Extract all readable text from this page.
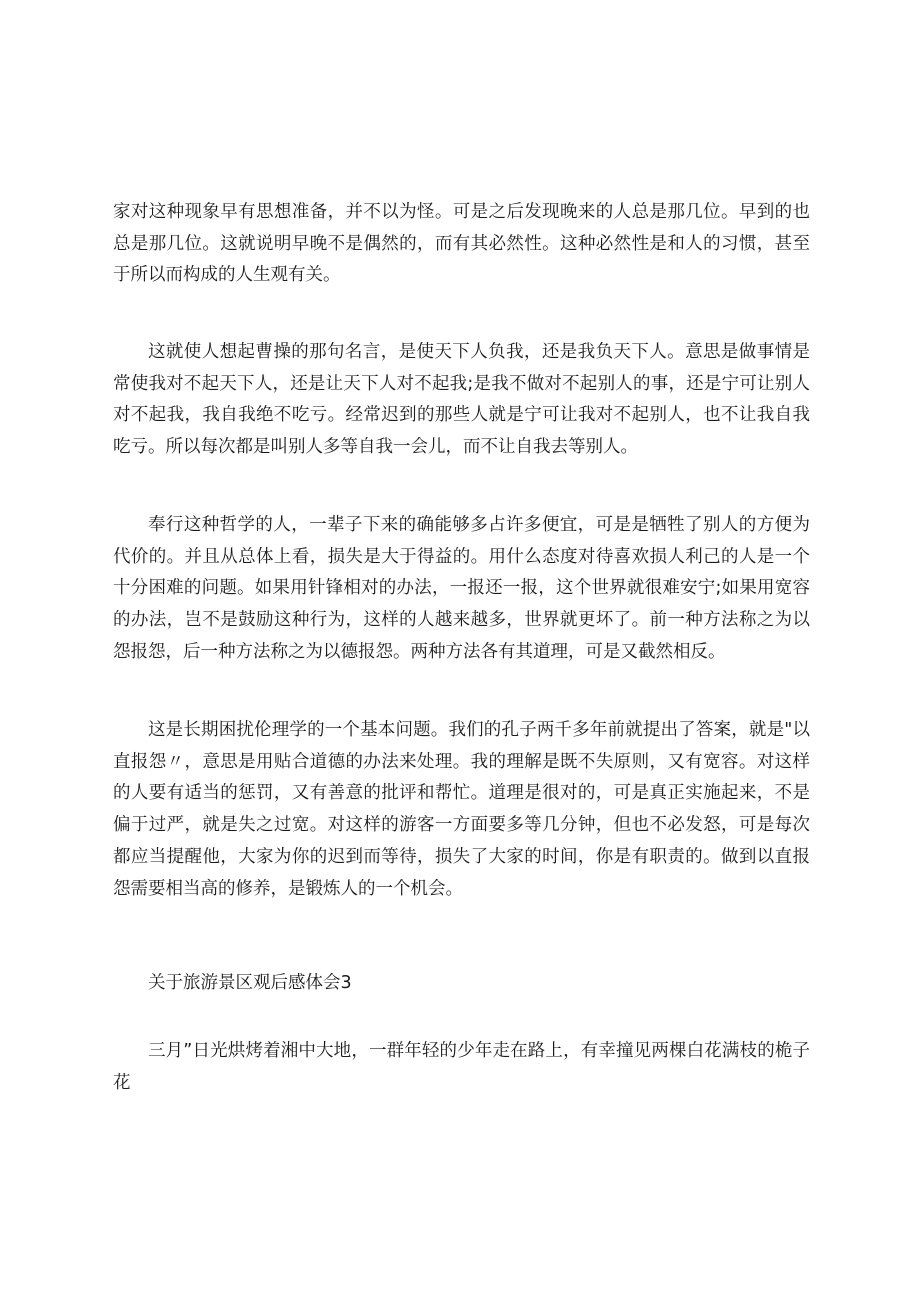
家对这种现象早有思想准备，并不以为怪。可是之后发现晚来的人总是那几位。早到的也总是那几位。这就说明早晚不是偶然的，而有其必然性。这种必然性是和人的习惯，甚至于所以而构成的人生观有关。

这就使人想起曹操的那句名言，是使天下人负我，还是我负天下人。意思是做事情是常使我对不起天下人，还是让天下人对不起我;是我不做对不起别人的事，还是宁可让别人对不起我，我自我绝不吃亏。经常迟到的那些人就是宁可让我对不起别人，也不让我自我吃亏。所以每次都是叫别人多等自我一会儿，而不让自我去等别人。

奉行这种哲学的人，一辈子下来的确能够多占许多便宜，可是是牺牲了别人的方便为代价的。并且从总体上看，损失是大于得益的。用什么态度对待喜欢损人利己的人是一个十分困难的问题。如果用针锋相对的办法，一报还一报，这个世界就很难安宁;如果用宽容的办法，岂不是鼓励这种行为，这样的人越来越多，世界就更坏了。前一种方法称之为以怨报怨，后一种方法称之为以德报怨。两种方法各有其道理，可是又截然相反。

这是长期困扰伦理学的一个基本问题。我们的孔子两千多年前就提出了答案，就是"以直报怨〃，意思是用贴合道德的办法来处理。我的理解是既不失原则，又有宽容。对这样的人要有适当的惩罚，又有善意的批评和帮忙。道理是很对的，可是真正实施起来，不是偏于过严，就是失之过宽。对这样的游客一方面要多等几分钟，但也不必发怒，可是每次都应当提醒他，大家为你的迟到而等待，损失了大家的时间，你是有职责的。做到以直报怨需要相当高的修养，是锻炼人的一个机会。

关于旅游景区观后感体会3

三月”日光烘烤着湘中大地，一群年轻的少年走在路上，有幸撞见两棵白花满枝的桅子花
